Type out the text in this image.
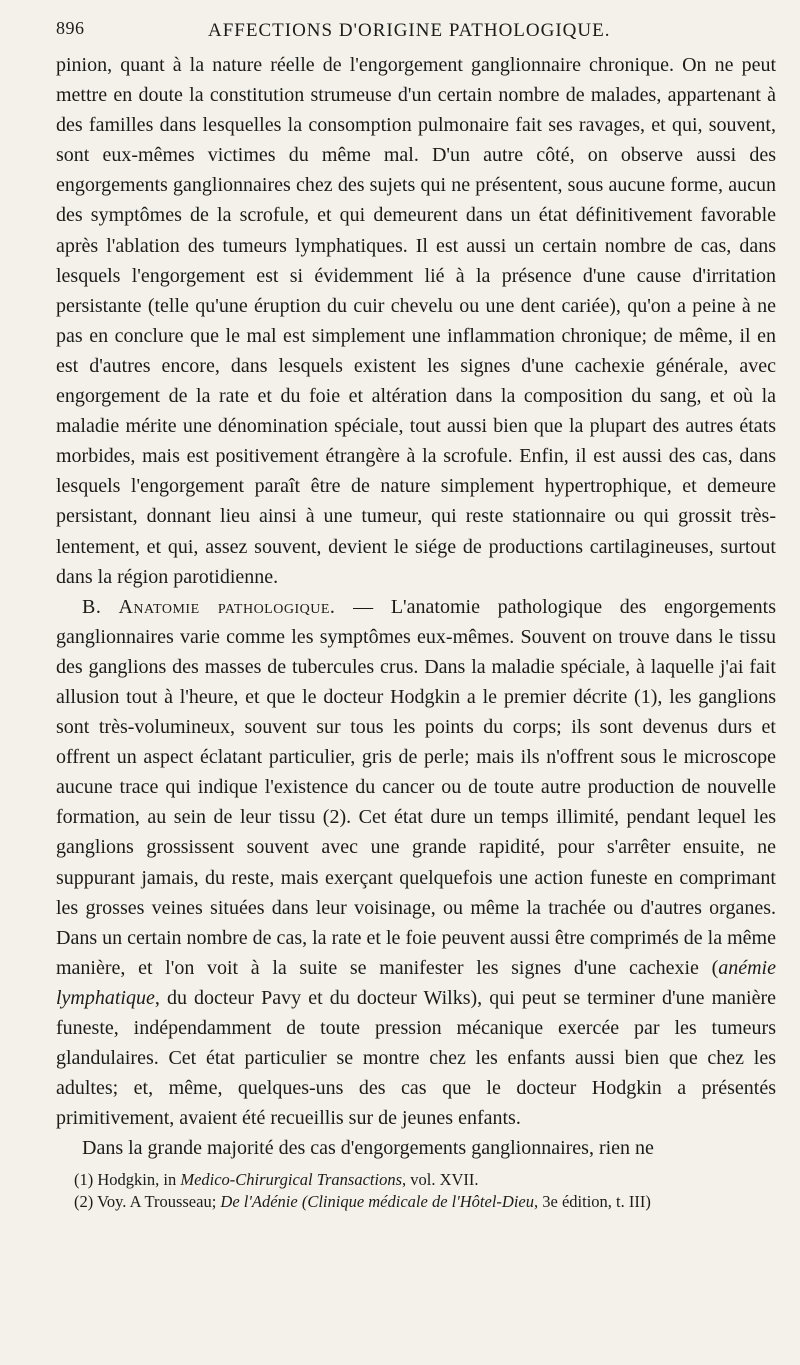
896	AFFECTIONS D'ORIGINE PATHOLOGIQUE.

pinion, quant à la nature réelle de l'engorgement ganglionnaire chronique. On ne peut mettre en doute la constitution strumeuse d'un certain nombre de malades, appartenant à des familles dans lesquelles la consomption pulmonaire fait ses ravages, et qui, souvent, sont eux-mêmes victimes du même mal. D'un autre côté, on observe aussi des engorgements ganglionnaires chez des sujets qui ne présentent, sous aucune forme, aucun des symptômes de la scrofule, et qui demeurent dans un état définitivement favorable après l'ablation des tumeurs lymphatiques. Il est aussi un certain nombre de cas, dans lesquels l'engorgement est si évidemment lié à la présence d'une cause d'irritation persistante (telle qu'une éruption du cuir chevelu ou une dent cariée), qu'on a peine à ne pas en conclure que le mal est simplement une inflammation chronique; de même, il en est d'autres encore, dans lesquels existent les signes d'une cachexie générale, avec engorgement de la rate et du foie et altération dans la composition du sang, et où la maladie mérite une dénomination spéciale, tout aussi bien que la plupart des autres états morbides, mais est positivement étrangère à la scrofule. Enfin, il est aussi des cas, dans lesquels l'engorgement paraît être de nature simplement hypertrophique, et demeure persistant, donnant lieu ainsi à une tumeur, qui reste stationnaire ou qui grossit très-lentement, et qui, assez souvent, devient le siége de productions cartilagineuses, surtout dans la région parotidienne.

B. Anatomie pathologique. — L'anatomie pathologique des engorgements ganglionnaires varie comme les symptômes eux-mêmes. Souvent on trouve dans le tissu des ganglions des masses de tubercules crus. Dans la maladie spéciale, à laquelle j'ai fait allusion tout à l'heure, et que le docteur Hodgkin a le premier décrite (1), les ganglions sont très-volumineux, souvent sur tous les points du corps; ils sont devenus durs et offrent un aspect éclatant particulier, gris de perle; mais ils n'offrent sous le microscope aucune trace qui indique l'existence du cancer ou de toute autre production de nouvelle formation, au sein de leur tissu (2). Cet état dure un temps illimité, pendant lequel les ganglions grossissent souvent avec une grande rapidité, pour s'arrêter ensuite, ne suppurant jamais, du reste, mais exerçant quelquefois une action funeste en comprimant les grosses veines situées dans leur voisinage, ou même la trachée ou d'autres organes. Dans un certain nombre de cas, la rate et le foie peuvent aussi être comprimés de la même manière, et l'on voit à la suite se manifester les signes d'une cachexie (anémie lymphatique, du docteur Pavy et du docteur Wilks), qui peut se terminer d'une manière funeste, indépendamment de toute pression mécanique exercée par les tumeurs glandulaires. Cet état particulier se montre chez les enfants aussi bien que chez les adultes; et, même, quelques-uns des cas que le docteur Hodgkin a présentés primitivement, avaient été recueillis sur de jeunes enfants.

Dans la grande majorité des cas d'engorgements ganglionnaires, rien ne

(1) Hodgkin, in Medico-Chirurgical Transactions, vol. XVII.

(2) Voy. A Trousseau; De l'Adénie (Clinique médicale de l'Hôtel-Dieu, 3e édition, t. III)
